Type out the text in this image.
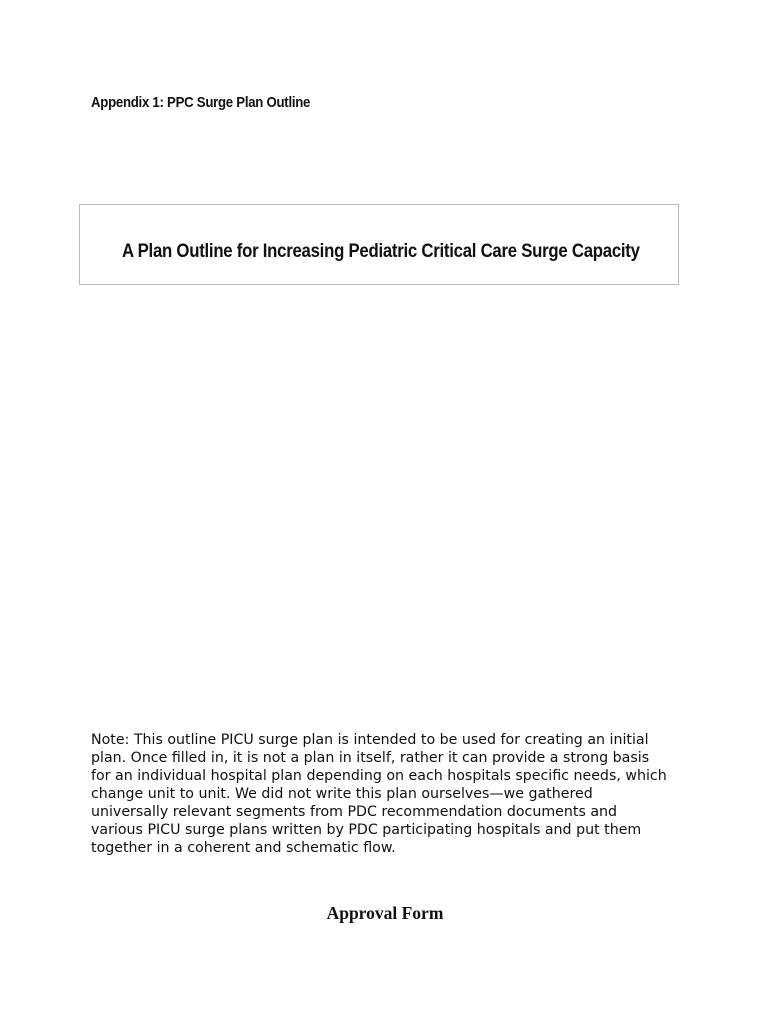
Appendix 1: PPC Surge Plan Outline
A Plan Outline for Increasing Pediatric Critical Care Surge Capacity

Note: This outline PICU surge plan is intended to be used for creating an initial plan. Once filled in, it is not a plan in itself, rather it can provide a strong basis for an individual hospital plan depending on each hospitals specific needs, which change unit to unit. We did not write this plan ourselves—we gathered universally relevant segments from PDC recommendation documents and various PICU surge plans written by PDC participating hospitals and put them together in a coherent and schematic flow.

Approval Form
